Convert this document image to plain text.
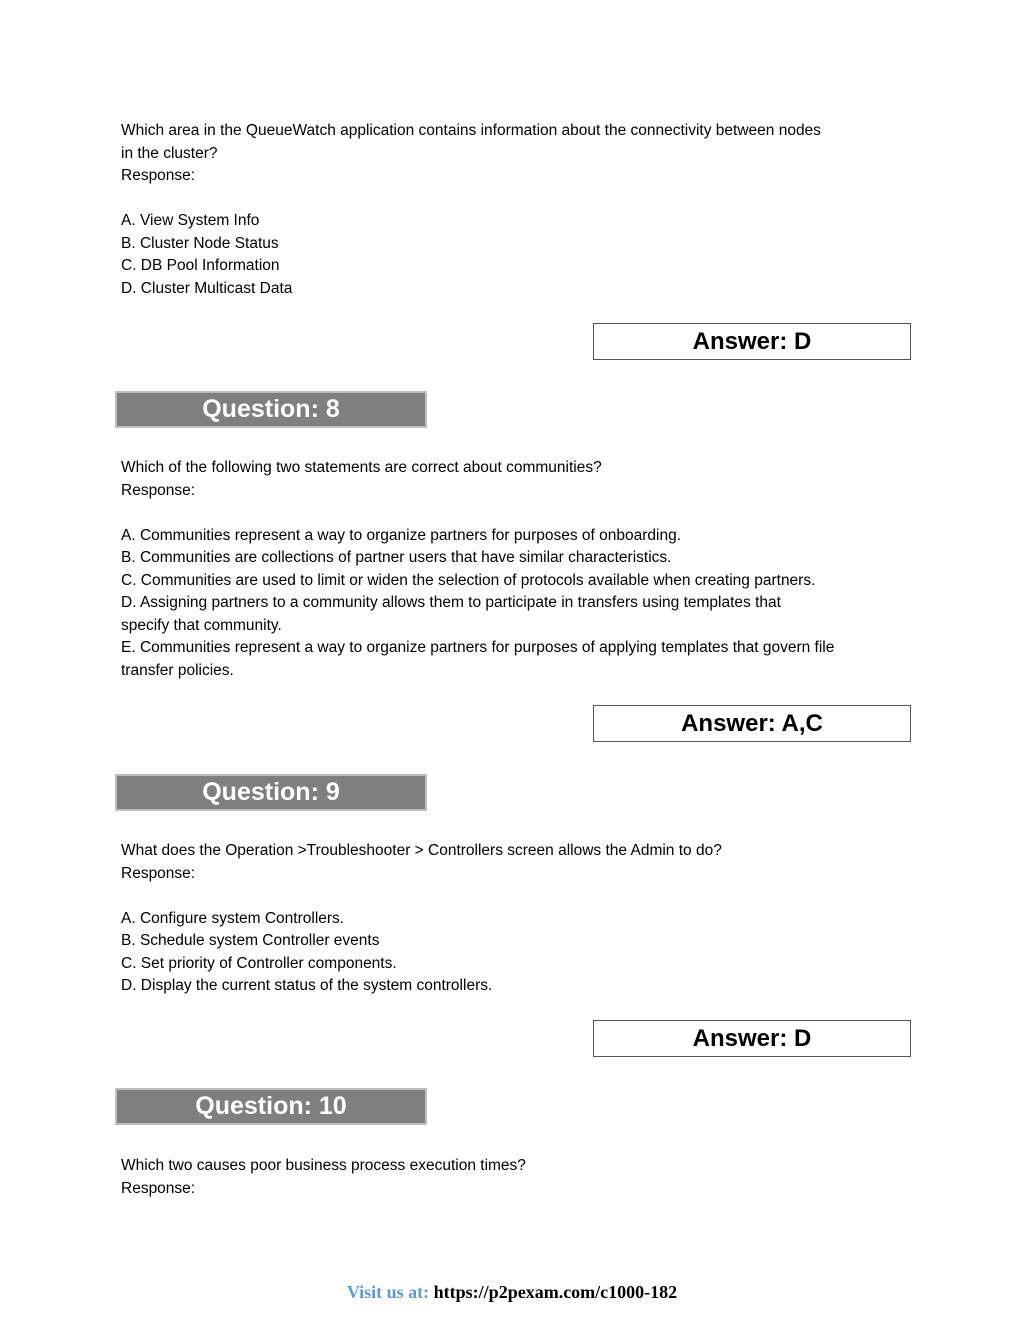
Which area in the QueueWatch application contains information about the connectivity between nodes
in the cluster?
Response:
A. View System Info
B. Cluster Node Status
C. DB Pool Information
D. Cluster Multicast Data
Answer: D
Question: 8
Which of the following two statements are correct about communities?
Response:
A. Communities represent a way to organize partners for purposes of onboarding.
B. Communities are collections of partner users that have similar characteristics.
C. Communities are used to limit or widen the selection of protocols available when creating partners.
D. Assigning partners to a community allows them to participate in transfers using templates that
specify that community.
E. Communities represent a way to organize partners for purposes of applying templates that govern file
transfer policies.
Answer: A,C
Question: 9
What does the Operation >Troubleshooter > Controllers screen allows the Admin to do?
Response:
A. Configure system Controllers.
B. Schedule system Controller events
C. Set priority of Controller components.
D. Display the current status of the system controllers.
Answer: D
Question: 10
Which two causes poor business process execution times?
Response:
Visit us at: https://p2pexam.com/c1000-182
